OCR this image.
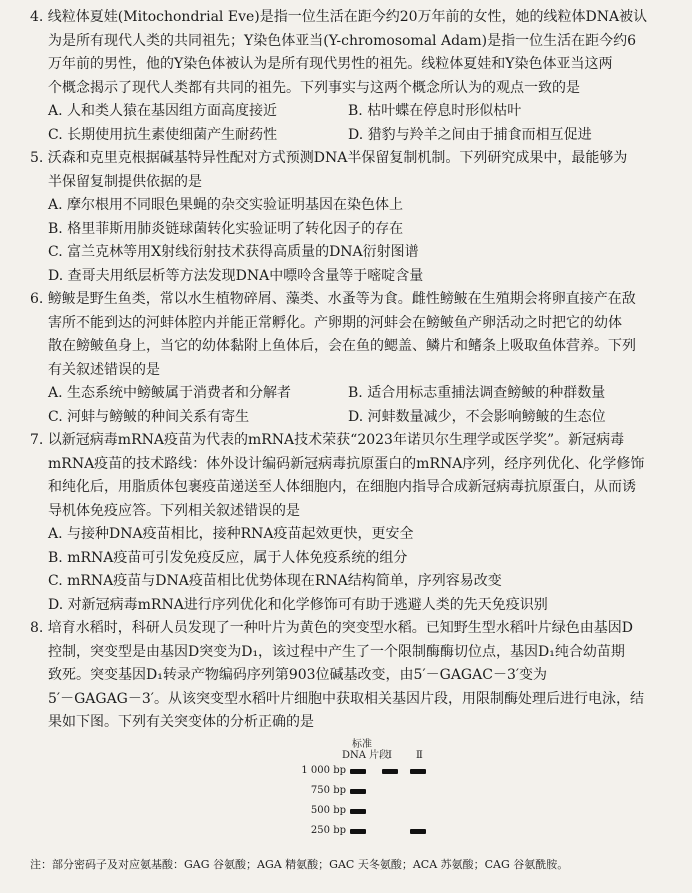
4. 线粒体夏娃(Mitochondrial Eve)是指一位生活在距今约20万年前的女性，她的线粒体DNA被认
为是所有现代人类的共同祖先；Y染色体亚当(Y-chromosomal Adam)是指一位生活在距今约6
万年前的男性，他的Y染色体被认为是所有现代男性的祖先。线粒体夏娃和Y染色体亚当这两
个概念揭示了现代人类都有共同的祖先。下列事实与这两个概念所认为的观点一致的是
A. 人和类人猿在基因组方面高度接近	B. 枯叶蝶在停息时形似枯叶
C. 长期使用抗生素使细菌产生耐药性	D. 猎豹与羚羊之间由于捕食而相互促进
5. 沃森和克里克根据碱基特异性配对方式预测DNA半保留复制机制。下列研究成果中，最能够为
半保留复制提供依据的是
A. 摩尔根用不同眼色果蝇的杂交实验证明基因在染色体上
B. 格里菲斯用肺炎链球菌转化实验证明了转化因子的存在
C. 富兰克林等用X射线衍射技术获得高质量的DNA衍射图谱
D. 查哥夫用纸层析等方法发现DNA中嘌呤含量等于嘧啶含量
6. 鳑鲏是野生鱼类，常以水生植物碎屑、藻类、水蚤等为食。雌性鳑鲏在生殖期会将卵直接产在敌
害所不能到达的河蚌体腔内并能正常孵化。产卵期的河蚌会在鳑鲏鱼产卵活动之时把它的幼体
散在鳑鲏鱼身上，当它的幼体黏附上鱼体后，会在鱼的鳃盖、鳞片和鳍条上吸取鱼体营养。下列
有关叙述错误的是
A. 生态系统中鳑鲏属于消费者和分解者	B. 适合用标志重捕法调查鳑鲏的种群数量
C. 河蚌与鳑鲏的种间关系有寄生	D. 河蚌数量减少，不会影响鳑鲏的生态位
7. 以新冠病毒mRNA疫苗为代表的mRNA技术荣获“2023年诺贝尔生理学或医学奖”。新冠病毒
mRNA疫苗的技术路线：体外设计编码新冠病毒抗原蛋白的mRNA序列，经序列优化、化学修饰
和纯化后，用脂质体包裹疫苗递送至人体细胞内，在细胞内指导合成新冠病毒抗原蛋白，从而诱
导机体免疫应答。下列相关叙述错误的是
A. 与接种DNA疫苗相比，接种RNA疫苗起效更快，更安全
B. mRNA疫苗可引发免疫反应，属于人体免疫系统的组分
C. mRNA疫苗与DNA疫苗相比优势体现在RNA结构简单，序列容易改变
D. 对新冠病毒mRNA进行序列优化和化学修饰可有助于逃避人类的先天免疫识别
8. 培育水稻时，科研人员发现了一种叶片为黄色的突变型水稻。已知野生型水稻叶片绿色由基因D
控制，突变型是由基因D突变为D₁，该过程中产生了一个限制酶酶切位点，基因D₁纯合幼苗期
致死。突变基因D₁转录产物编码序列第903位碱基改变，由5′－GAGAC－3′变为
5′－GAGAG－3′。从该突变型水稻叶片细胞中获取相关基因片段，用限制酶处理后进行电泳，结
果如下图。下列有关突变体的分析正确的是
标准
DNA 片段
Ⅰ Ⅱ
1 000 bp
750 bp
500 bp
250 bp
注：部分密码子及对应氨基酸：GAG 谷氨酸；AGA 精氨酸；GAC 天冬氨酸；ACA 苏氨酸；CAG 谷氨酰胺。
